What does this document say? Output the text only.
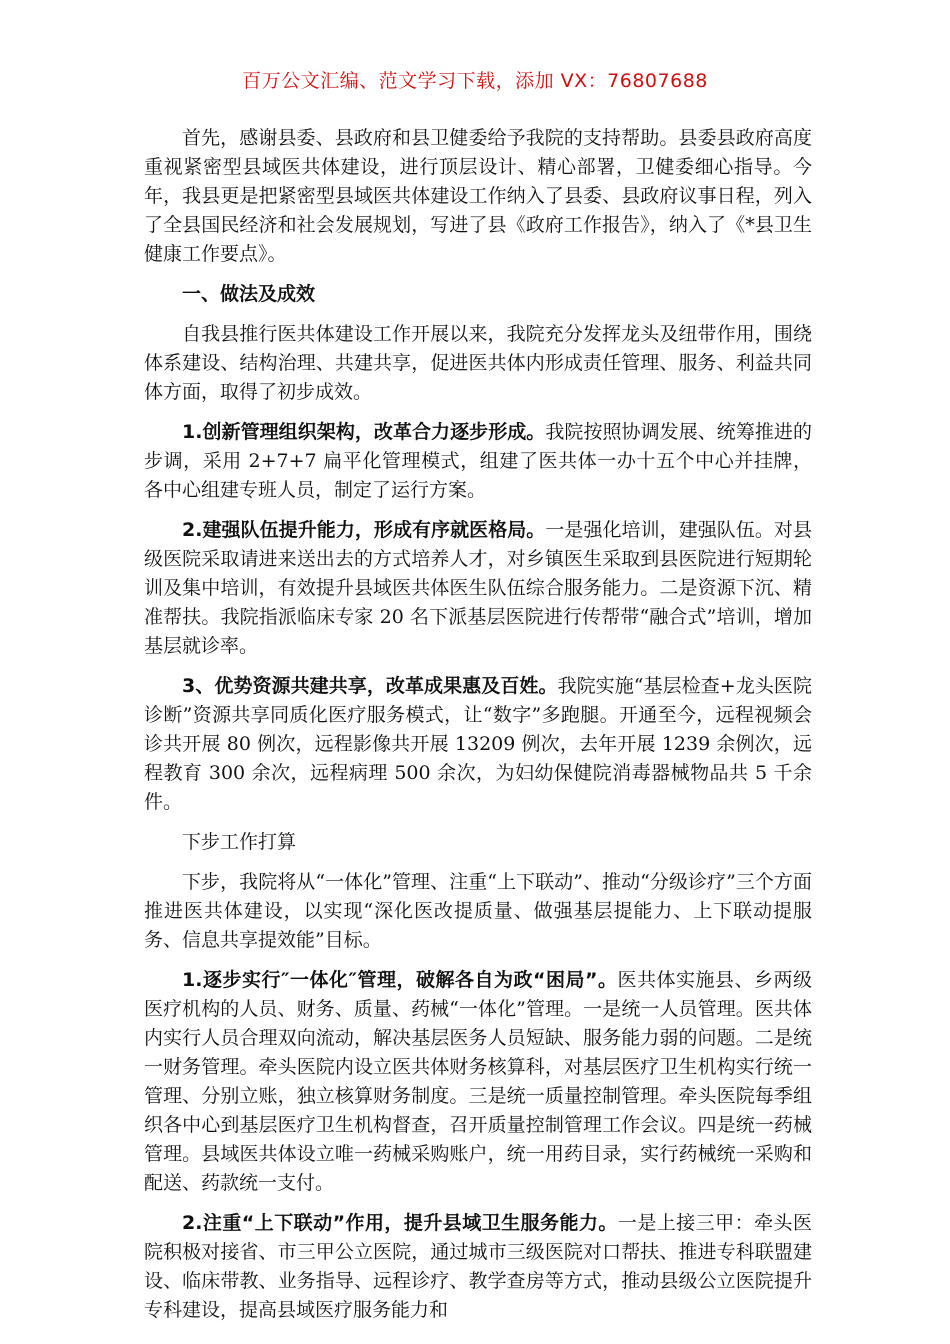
百万公文汇编、范文学习下载，添加 VX：76807688

首先，感谢县委、县政府和县卫健委给予我院的支持帮助。县委县政府高度重视紧密型县域医共体建设，进行顶层设计、精心部署，卫健委细心指导。今年，我县更是把紧密型县域医共体建设工作纳入了县委、县政府议事日程，列入了全县国民经济和社会发展规划，写进了县《政府工作报告》，纳入了《*县卫生健康工作要点》。

一、做法及成效

自我县推行医共体建设工作开展以来，我院充分发挥龙头及纽带作用，围绕体系建设、结构治理、共建共享，促进医共体内形成责任管理、服务、利益共同体方面，取得了初步成效。

1.创新管理组织架构，改革合力逐步形成。我院按照协调发展、统筹推进的步调，采用 2+7+7 扁平化管理模式，组建了医共体一办十五个中心并挂牌，各中心组建专班人员，制定了运行方案。

2.建强队伍提升能力，形成有序就医格局。一是强化培训，建强队伍。对县级医院采取请进来送出去的方式培养人才，对乡镇医生采取到县医院进行短期轮训及集中培训，有效提升县域医共体医生队伍综合服务能力。二是资源下沉、精准帮扶。我院指派临床专家 20 名下派基层医院进行传帮带“融合式”培训，增加基层就诊率。

3、优势资源共建共享，改革成果惠及百姓。我院实施“基层检查+龙头医院诊断”资源共享同质化医疗服务模式，让“数字”多跑腿。开通至今，远程视频会诊共开展 80 例次，远程影像共开展 13209 例次，去年开展 1239 余例次，远程教育 300 余次，远程病理 500 余次，为妇幼保健院消毒器械物品共 5 千余件。

下步工作打算

下步，我院将从“一体化”管理、注重“上下联动”、推动“分级诊疗”三个方面推进医共体建设，以实现“深化医改提质量、做强基层提能力、上下联动提服务、信息共享提效能”目标。

1.逐步实行″一体化″管理，破解各自为政“困局”。医共体实施县、乡两级医疗机构的人员、财务、质量、药械“一体化”管理。一是统一人员管理。医共体内实行人员合理双向流动，解决基层医务人员短缺、服务能力弱的问题。二是统一财务管理。牵头医院内设立医共体财务核算科，对基层医疗卫生机构实行统一管理、分别立账，独立核算财务制度。三是统一质量控制管理。牵头医院每季组织各中心到基层医疗卫生机构督查，召开质量控制管理工作会议。四是统一药械管理。县域医共体设立唯一药械采购账户，统一用药目录，实行药械统一采购和配送、药款统一支付。

2.注重“上下联动”作用，提升县域卫生服务能力。一是上接三甲：牵头医院积极对接省、市三甲公立医院，通过城市三级医院对口帮扶、推进专科联盟建设、临床带教、业务指导、远程诊疗、教学查房等方式，推动县级公立医院提升专科建设，提高县域医疗服务能力和
